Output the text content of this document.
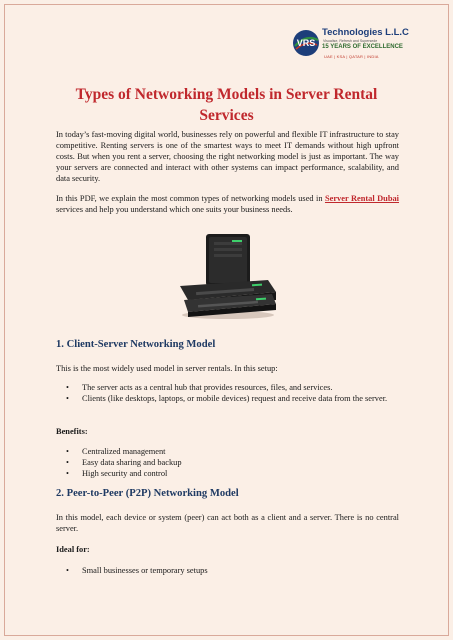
VRS
Technologies L.L.C
Visualise, Refresh and Supersede
15 YEARS OF EXCELLENCE
UAE | KSA | QATAR | INDIA
Types of Networking Models in Server Rental Services

In today’s fast-moving digital world, businesses rely on powerful and flexible IT infrastructure to stay competitive. Renting servers is one of the smartest ways to meet IT demands without high upfront costs. But when you rent a server, choosing the right networking model is just as important. The way your servers are connected and interact with other systems can impact performance, scalability, and data security.

In this PDF, we explain the most common types of networking models used in Server Rental Dubai services and help you understand which one suits your business needs.

1. Client-Server Networking Model

This is the most widely used model in server rentals. In this setup:

• The server acts as a central hub that provides resources, files, and services.
• Clients (like desktops, laptops, or mobile devices) request and receive data from the server.
Benefits:
• Centralized management
• Easy data sharing and backup
• High security and control
2. Peer-to-Peer (P2P) Networking Model

In this model, each device or system (peer) can act both as a client and a server. There is no central server.

Ideal for:
• Small businesses or temporary setups
